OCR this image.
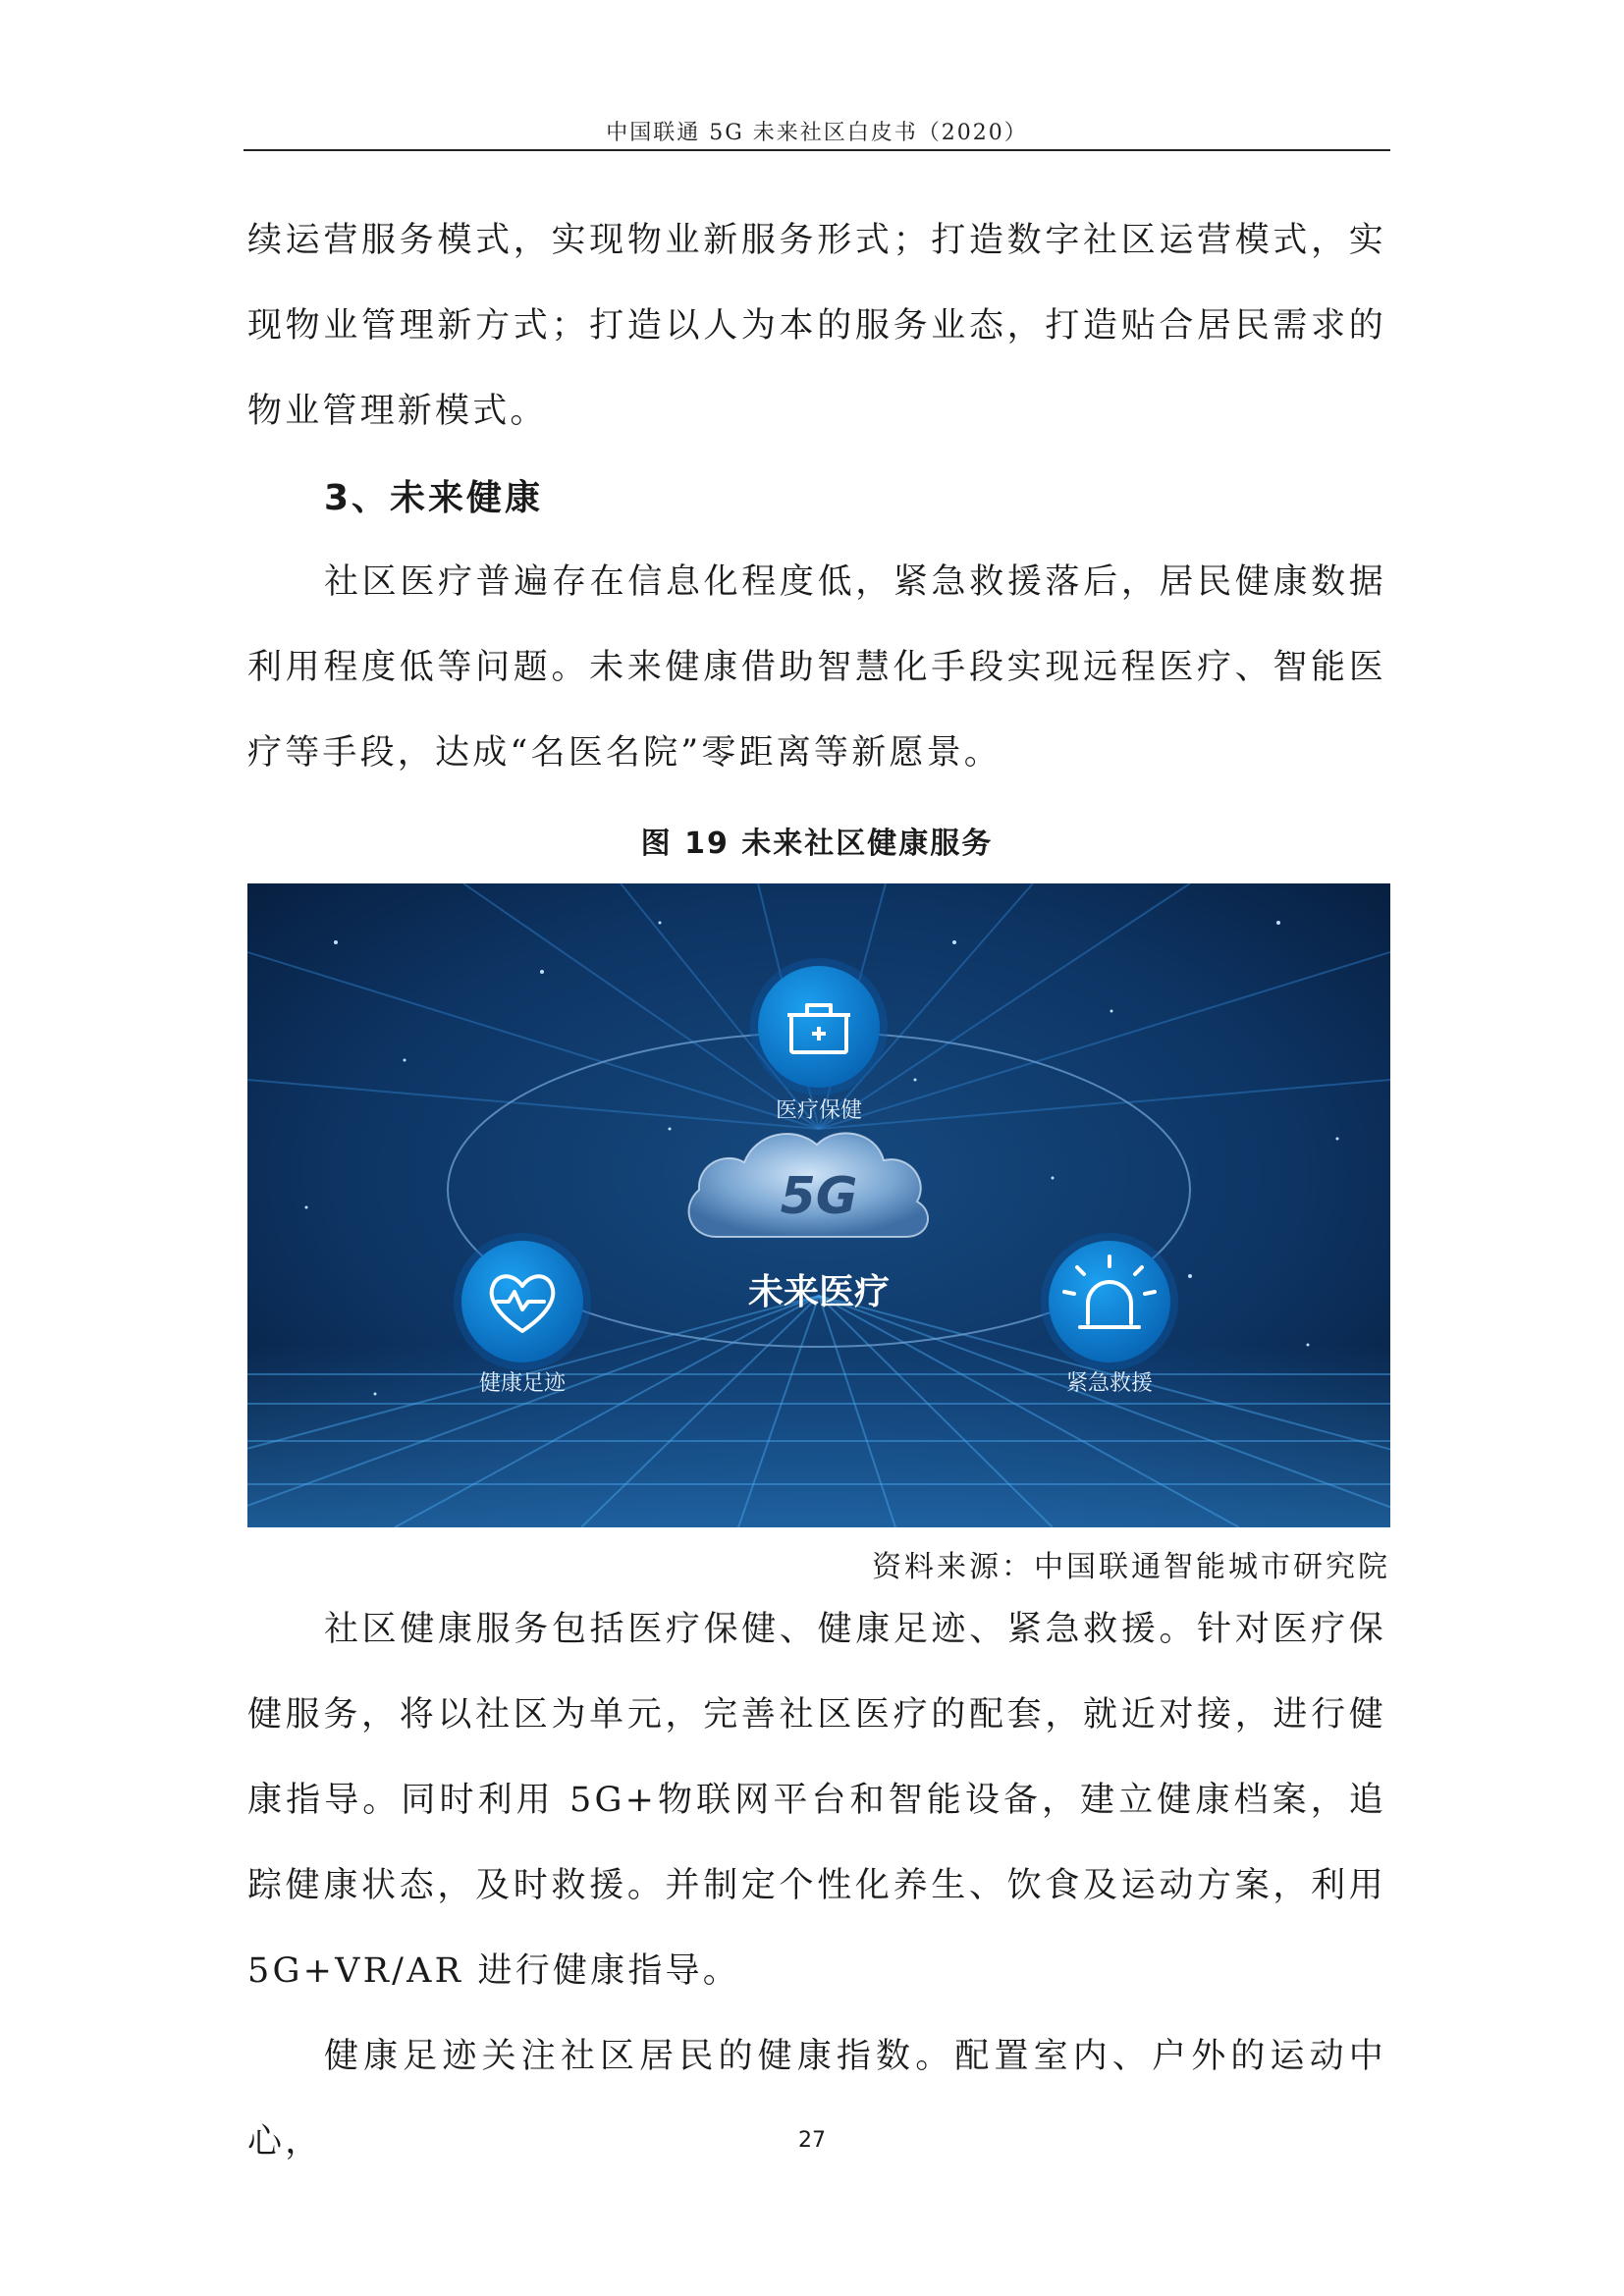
中国联通 5G 未来社区白皮书（2020）

续运营服务模式，实现物业新服务形式；打造数字社区运营模式，实现物业管理新方式；打造以人为本的服务业态，打造贴合居民需求的物业管理新模式。

3、未来健康

社区医疗普遍存在信息化程度低，紧急救援落后，居民健康数据利用程度低等问题。未来健康借助智慧化手段实现远程医疗、智能医疗等手段，达成“名医名院”零距离等新愿景。

图 19 未来社区健康服务
医疗保健
健康足迹	紧急救援
5G
未来医疗
资料来源：中国联通智能城市研究院

社区健康服务包括医疗保健、健康足迹、紧急救援。针对医疗保健服务，将以社区为单元，完善社区医疗的配套，就近对接，进行健康指导。同时利用 5G+物联网平台和智能设备，建立健康档案，追踪健康状态，及时救援。并制定个性化养生、饮食及运动方案，利用 5G+VR/AR 进行健康指导。

健康足迹关注社区居民的健康指数。配置室内、户外的运动中心，	27
